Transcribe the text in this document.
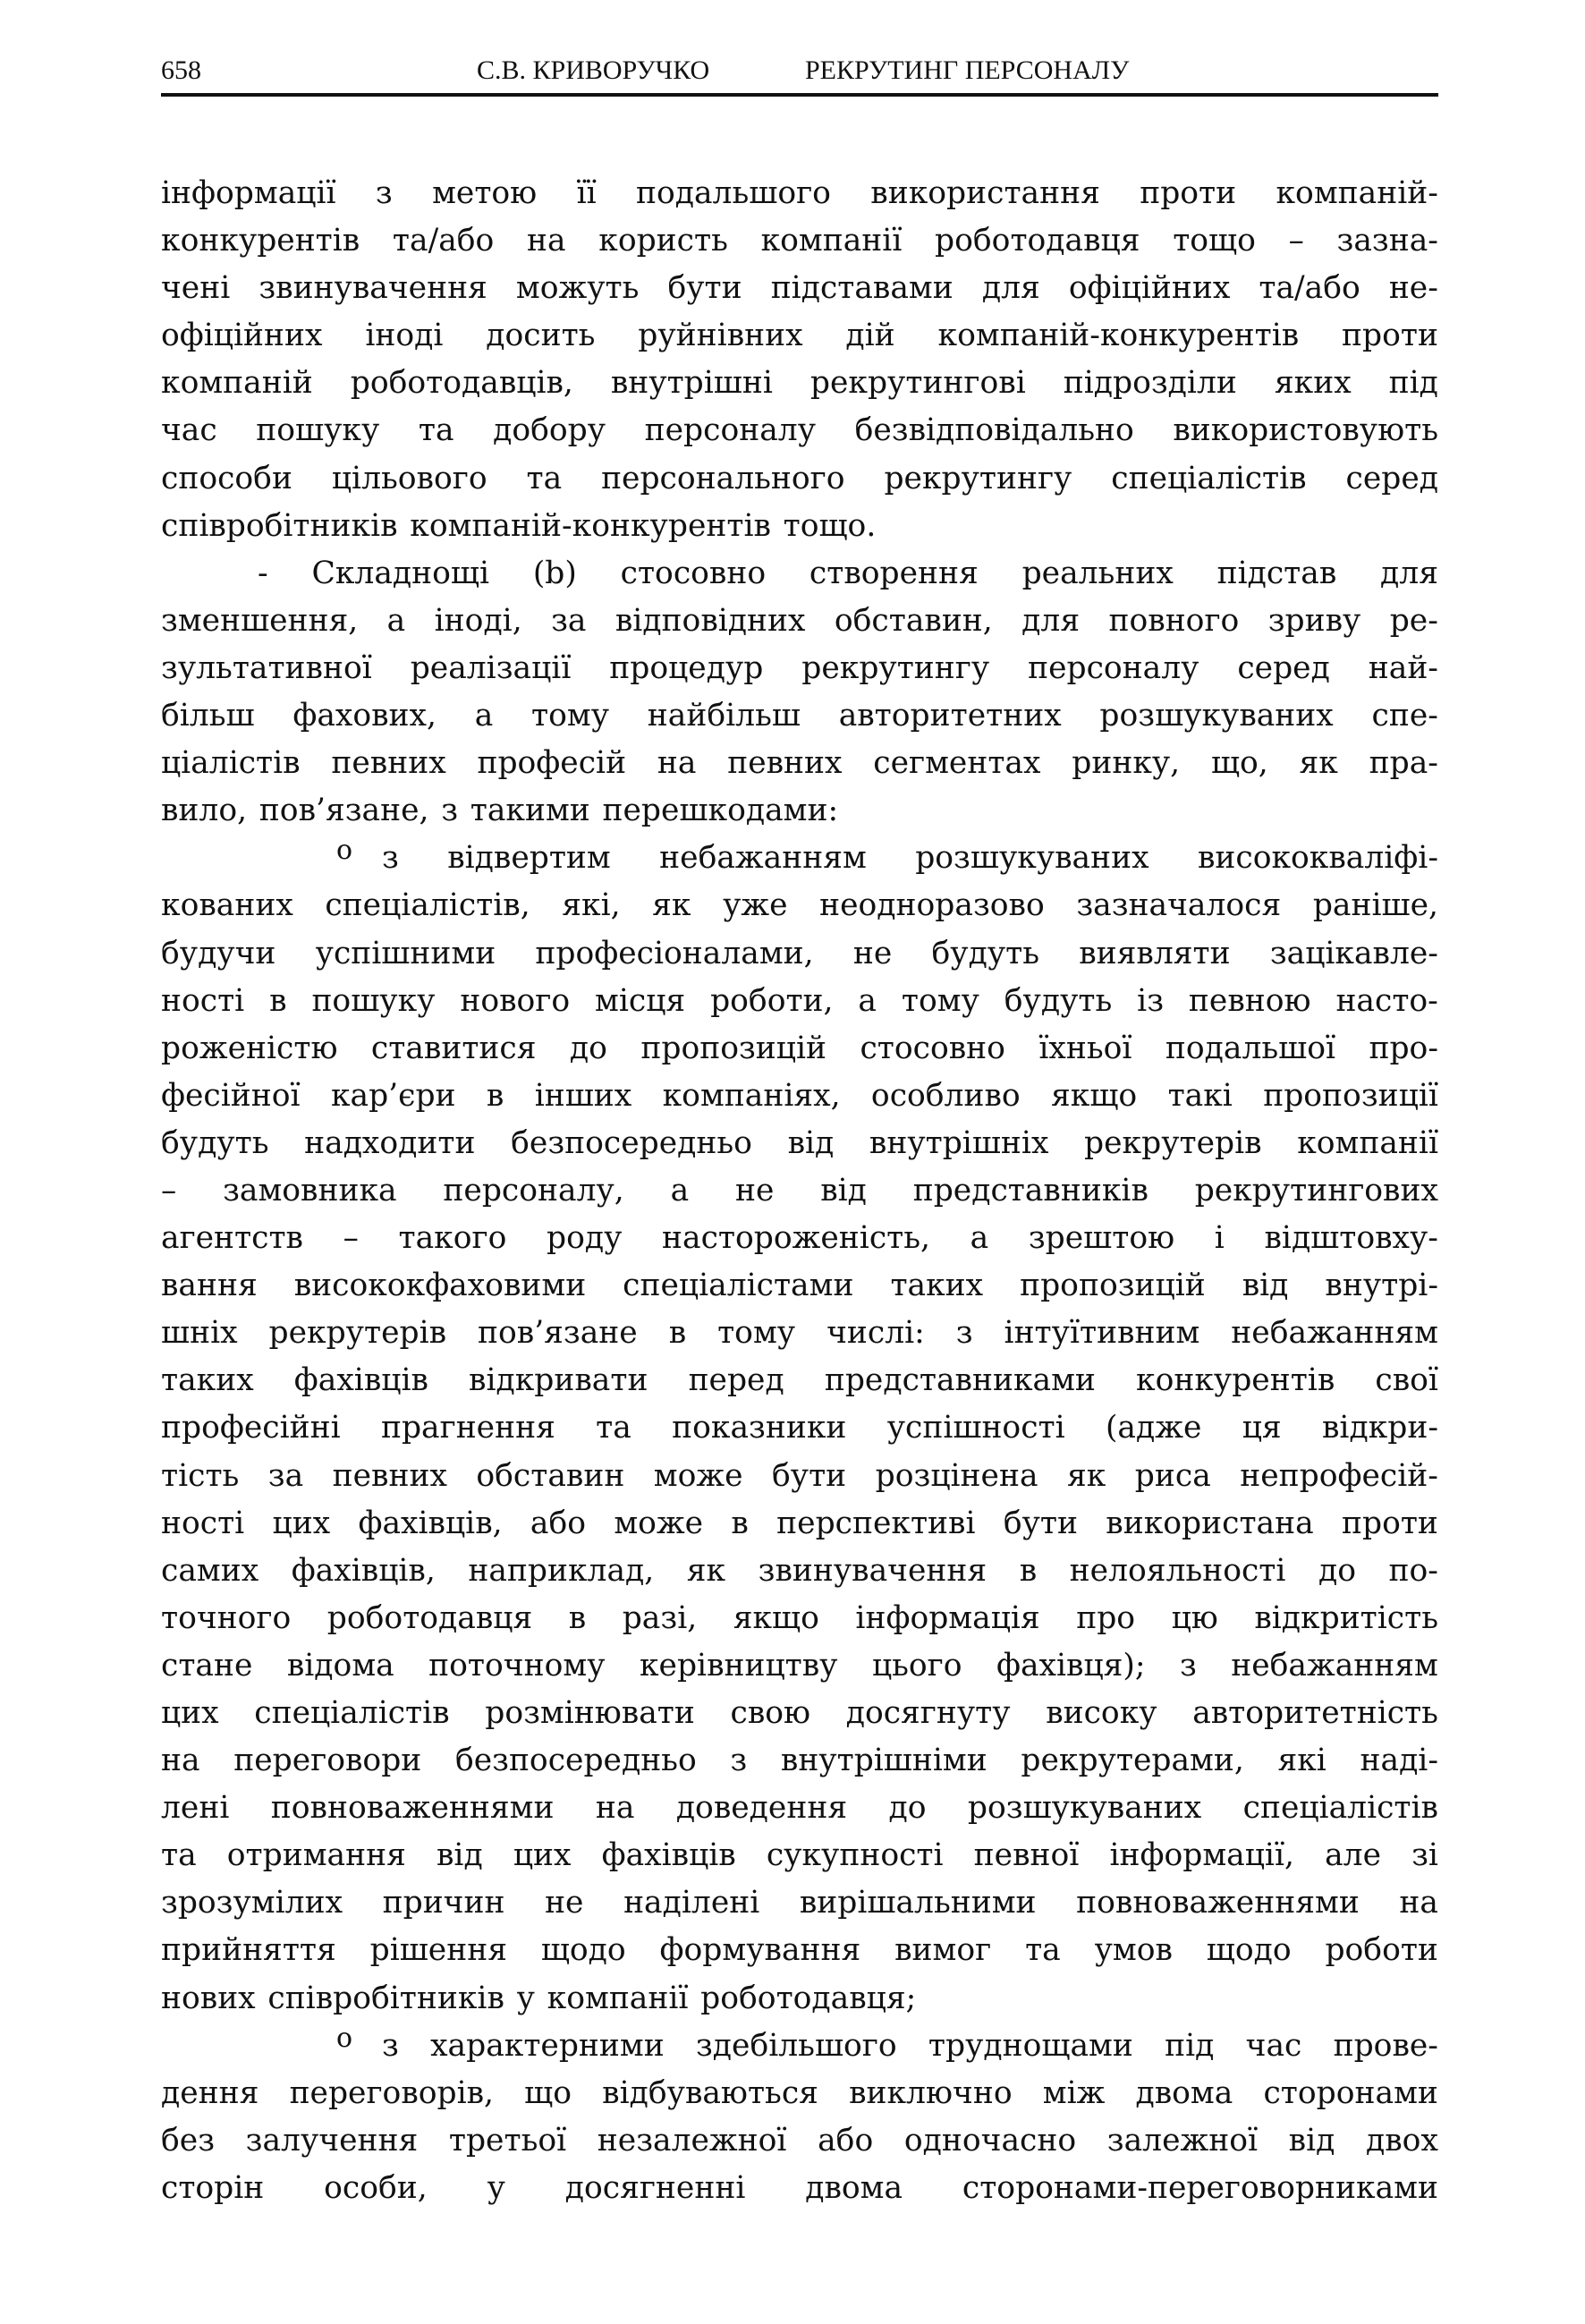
658	С.В. КРИВОРУЧКО	РЕКРУТИНГ ПЕРСОНАЛУ
інформації з метою її подальшого використання проти компаній-
конкурентів та/або на користь компанії роботодавця тощо – зазна-
чені звинувачення можуть бути підставами для офіційних та/або не-
офіційних іноді досить руйнівних дій компаній-конкурентів проти
компаній роботодавців, внутрішні рекрутингові підрозділи яких під
час пошуку та добору персоналу безвідповідально використовують
способи цільового та персонального рекрутингу спеціалістів серед
співробітників компаній-конкурентів тощо.
- Складнощі (b) стосовно створення реальних підстав для
зменшення, а іноді, за відповідних обставин, для повного зриву ре-
зультативної реалізації процедур рекрутингу персоналу серед най-
більш фахових, а тому найбільш авторитетних розшукуваних спе-
ціалістів певних професій на певних сегментах ринку, що, як пра-
вило, пов’язане, з такими перешкодами:
o з відвертим небажанням розшукуваних висококваліфі-
кованих спеціалістів, які, як уже неодноразово зазначалося раніше,
будучи успішними професіоналами, не будуть виявляти зацікавле-
ності в пошуку нового місця роботи, а тому будуть із певною насто-
роженістю ставитися до пропозицій стосовно їхньої подальшої про-
фесійної кар’єри в інших компаніях, особливо якщо такі пропозиції
будуть надходити безпосередньо від внутрішніх рекрутерів компанії
– замовника персоналу, а не від представників рекрутингових
агентств – такого роду настороженість, а зрештою і відштовху-
вання висококфаховими спеціалістами таких пропозицій від внутрі-
шніх рекрутерів пов’язане в тому числі: з інтуїтивним небажанням
таких фахівців відкривати перед представниками конкурентів свої
професійні прагнення та показники успішності (адже ця відкри-
тість за певних обставин може бути розцінена як риса непрофесій-
ності цих фахівців, або може в перспективі бути використана проти
самих фахівців, наприклад, як звинувачення в нелояльності до по-
точного роботодавця в разі, якщо інформація про цю відкритість
стане відома поточному керівництву цього фахівця); з небажанням
цих спеціалістів розмінювати свою досягнуту високу авторитетність
на переговори безпосередньо з внутрішніми рекрутерами, які наді-
лені повноваженнями на доведення до розшукуваних спеціалістів
та отримання від цих фахівців сукупності певної інформації, але зі
зрозумілих причин не наділені вирішальними повноваженнями на
прийняття рішення щодо формування вимог та умов щодо роботи
нових співробітників у компанії роботодавця;
o з характерними здебільшого труднощами під час прове-
дення переговорів, що відбуваються виключно між двома сторонами
без залучення третьої незалежної або одночасно залежної від двох
сторін особи, у досягненні двома сторонами-переговорниками
